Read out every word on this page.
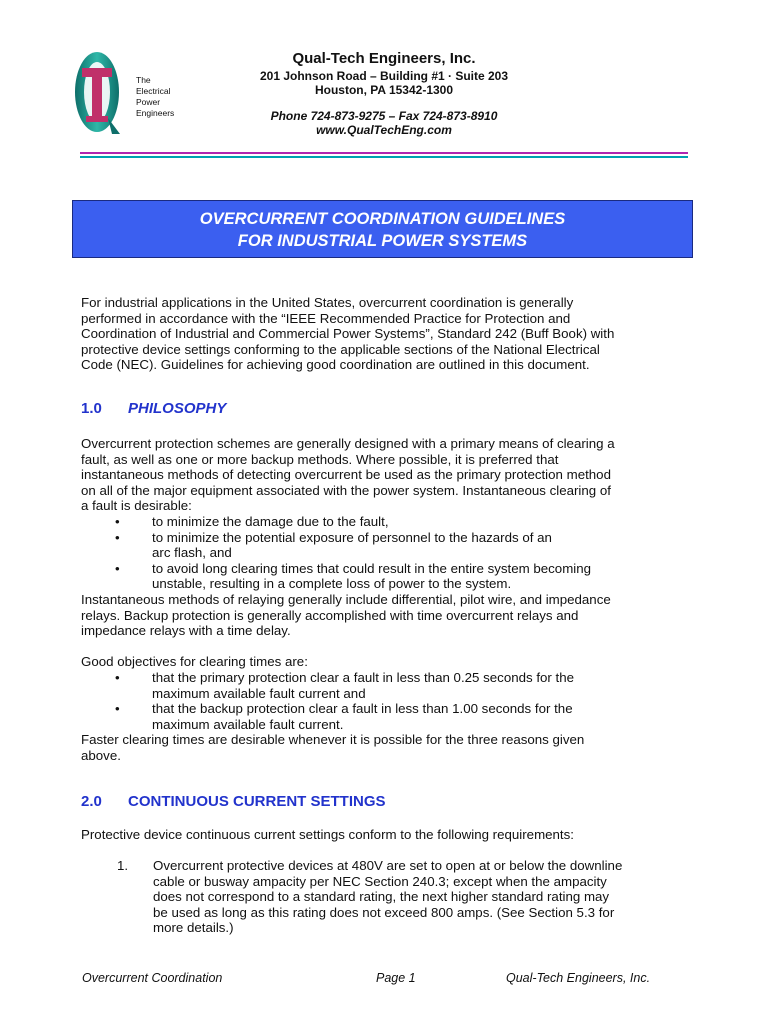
The
Electrical
Power
Engineers
Qual-Tech Engineers, Inc.
201 Johnson Road – Building #1 · Suite 203
Houston, PA 15342-1300
Phone 724-873-9275 – Fax 724-873-8910
www.QualTechEng.com
OVERCURRENT COORDINATION GUIDELINES
FOR INDUSTRIAL POWER SYSTEMS
For industrial applications in the United States, overcurrent coordination is generally
performed in accordance with the “IEEE Recommended Practice for Protection and
Coordination of Industrial and Commercial Power Systems”, Standard 242 (Buff Book) with
protective device settings conforming to the applicable sections of the National Electrical
Code (NEC). Guidelines for achieving good coordination are outlined in this document.
1.0 PHILOSOPHY
Overcurrent protection schemes are generally designed with a primary means of clearing a
fault, as well as one or more backup methods. Where possible, it is preferred that
instantaneous methods of detecting overcurrent be used as the primary protection method
on all of the major equipment associated with the power system. Instantaneous clearing of
a fault is desirable:
• to minimize the damage due to the fault,
• to minimize the potential exposure of personnel to the hazards of an
arc flash, and
• to avoid long clearing times that could result in the entire system becoming
unstable, resulting in a complete loss of power to the system.
Instantaneous methods of relaying generally include differential, pilot wire, and impedance
relays. Backup protection is generally accomplished with time overcurrent relays and
impedance relays with a time delay.
Good objectives for clearing times are:
• that the primary protection clear a fault in less than 0.25 seconds for the
maximum available fault current and
• that the backup protection clear a fault in less than 1.00 seconds for the
maximum available fault current.
Faster clearing times are desirable whenever it is possible for the three reasons given
above.
2.0 CONTINUOUS CURRENT SETTINGS
Protective device continuous current settings conform to the following requirements:
1. Overcurrent protective devices at 480V are set to open at or below the downline
cable or busway ampacity per NEC Section 240.3; except when the ampacity
does not correspond to a standard rating, the next higher standard rating may
be used as long as this rating does not exceed 800 amps. (See Section 5.3 for
more details.)
Overcurrent Coordination	Page 1	Qual-Tech Engineers, Inc.
